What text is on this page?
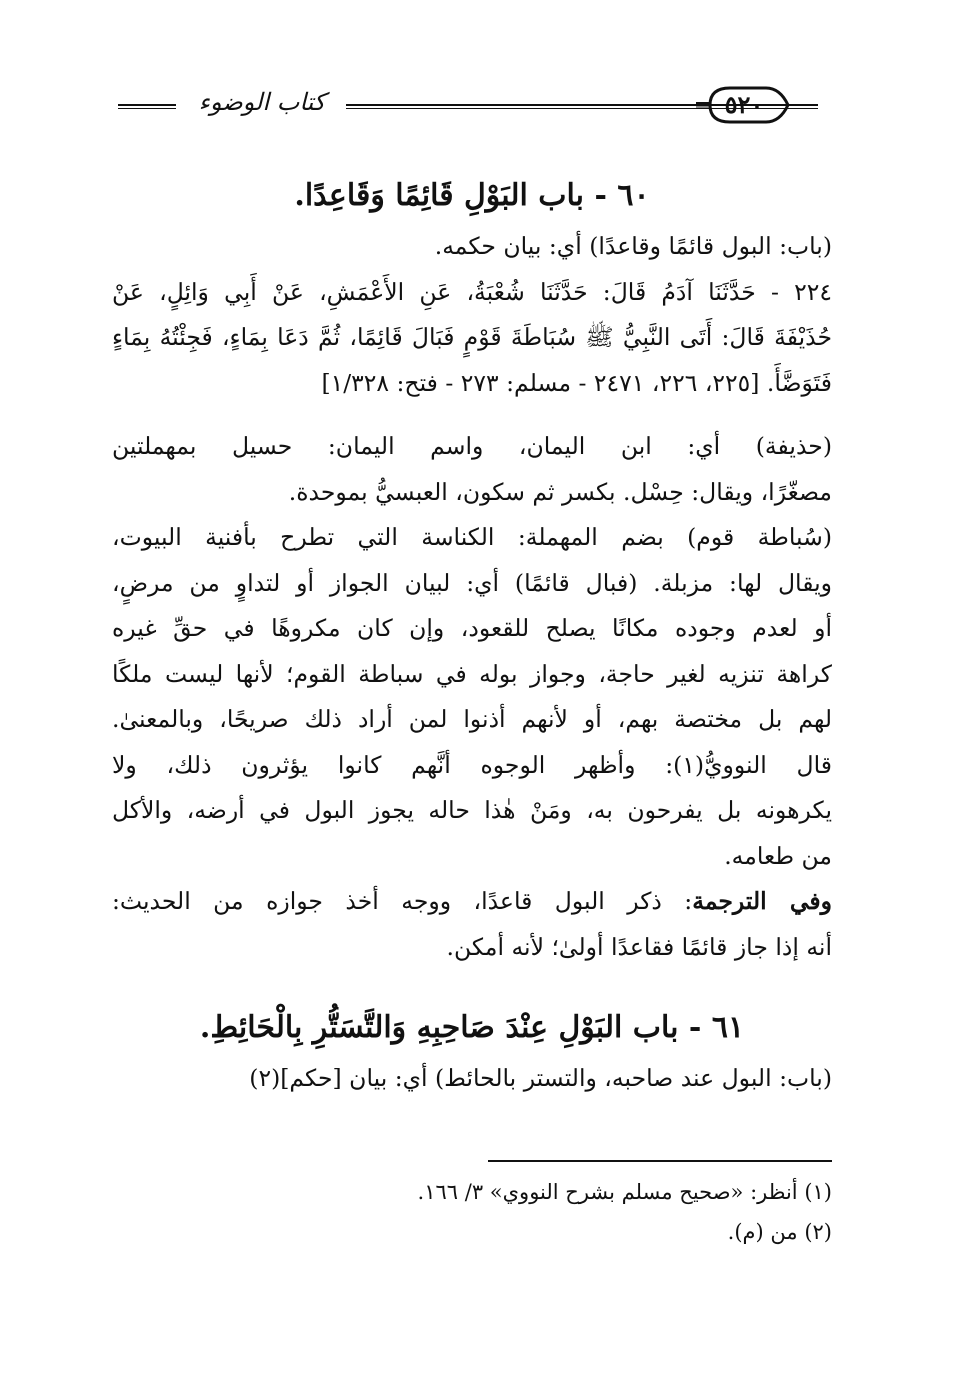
كتاب الوضوء	٥٢٠

٦٠ - باب البَوْلِ قَائِمًا وَقَاعِدًا.

(باب: البول قائمًا وقاعدًا) أي: بيان حكمه.

٢٢٤ - حَدَّثَنَا آدَمُ قَالَ: حَدَّثَنَا شُعْبَةُ، عَنِ الأَعْمَشِ، عَنْ أَبِي وَائِلٍ، عَنْ

حُذَيْفَةَ قَالَ: أَتَى النَّبِيُّ ﷺ سُبَاطَةَ قَوْمٍ فَبَالَ قَائِمًا، ثُمَّ دَعَا بِمَاءٍ، فَجِئْتُهُ بِمَاءٍ

فَتَوَضَّأَ. [٢٢٥، ٢٢٦، ٢٤٧١ - مسلم: ٢٧٣ - فتح: ١/٣٢٨]

(حذيفة) أي: ابن اليمان، واسم اليمان: حسيل بمهملتين

مصغّرًا، ويقال: حِسْل. بكسر ثم سكون، العبسيُّ بموحدة.

(سُباطة قوم) بضم المهملة: الكناسة التي تطرح بأفنية البيوت،

ويقال لها: مزبلة. (فبال قائمًا) أي: لبيان الجواز أو لتداوٍ من مرضٍ،

أو لعدم وجوده مكانًا يصلح للقعود، وإن كان مكروهًا في حقِّ غيره

كراهة تنزيه لغير حاجة، وجواز بوله في سباطة القوم؛ لأنها ليست ملكًا

لهم بل مختصة بهم، أو لأنهم أذنوا لمن أراد ذلك صريحًا، وبالمعنىٰ.

قال النوويُّ(١): وأظهر الوجوه أنَّهم كانوا يؤثرون ذلك، ولا

يكرهونه بل يفرحون به، ومَنْ هٰذا حاله يجوز البول في أرضه، والأكل

من طعامه.

وفي الترجمة: ذكر البول قاعدًا، ووجه أخذ جوازه من الحديث:

أنه إذا جاز قائمًا فقاعدًا أولىٰ؛ لأنه أمكن.

٦١ - باب البَوْلِ عِنْدَ صَاحِبِهِ وَالتَّسَتُّرِ بِالْحَائِطِ.

(باب: البول عند صاحبه، والتستر بالحائط) أي: بيان [حكم](٢)

(١) أنظر: «صحيح مسلم بشرح النووي» ٣/ ١٦٦.

(٢) من (م).
